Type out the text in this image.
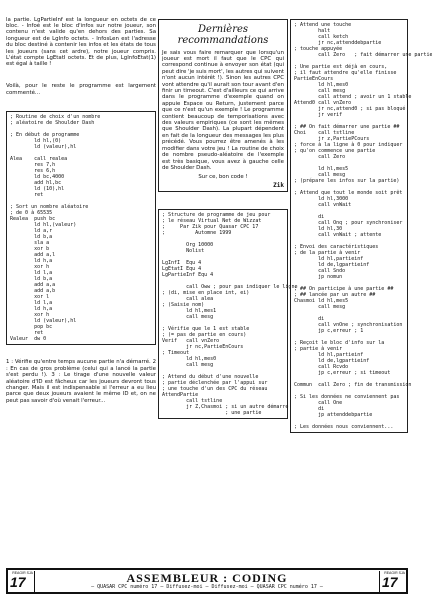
la partie. LgPartieInf est la longueur en octets de ce bloc. - Infoé est le bloc d'infos sur notre joueur, son contenu n'est valide qu'en dehors des parties. Sa longueur est de LgInfo octets. - InfosLen est l'adresse du bloc destiné à contenir les infos et les états de tous les joueurs (sans cet ardre), notre joueur compris. L'état compte LgEtatI octets. Et de plus, LgInfoEtat(1) est égal à taille !

Voilà, pour le reste le programme est largement commenté...

; Routine de choix d'un nombre
; aléatoire de Shoulder Dash

; En début de programme
ld hl,(0)
ld (valeur),hl

Alea    call realea
res 7,h
res 6,h
ld bc,4000
add hl,bc
ld (10),hl
ret

; Sort un nombre aléatoire
; de 0 à 65535
Realea  push bc
ld hl,(valeur)
ld a,r
ld b,a
sla a
xor b
add a,l
ld h,a
xor h
ld l,a
ld b,a
add a,a
add a,b
xor l
ld l,a
ld h,a
xor h
ld (valeur),hl
pop bc
ret
Valeur  dw 0

1 : Vérifie qu'entre temps aucune partie n'a démarré. 2 : En cas de gros problème (celui qui a lancé la partie s'est perdu !). 3 : Le tirage d'une nouvelle valeur aléatoire d'ID est fâcheux car les joueurs devront tous changer. Mais il est indispensable si l'erreur a eu lieu parce que deux joueurs avaient le même ID et, on ne peut pas savoir d'où venait l'erreur...

Dernières recommandations
Je sais vous faire remarquer que lorsqu'un joueur est mort il faut que le CPC qui correspond continue à envoyer son état (qui peut dire 'je suis mort', les autres qui suivent n'ont aucun intérêt !). Sinon les autres CPC vont attendre qu'il aurait son tour avant d'en finir un timeout. C'est d'ailleurs ce qui arrive dans le programme d'exemple quand on appuie Espace ou Return, justement parce que ce n'est qu'un exemple ! Le programme contient beaucoup de temporisations avec des valeurs empiriques (ce sont les mêmes que Shoulder Dash). La plupart dépendent en fait de la longueur des messages les plus précédé. Vous pourrez être amenés à les modifier dans votre jeu ! La routine de choix de nombre pseudo-aléatoire de l'exemple est très basique, vous avez à gauche celle de Shoulder Dash.
Sur ce, bon code !
Zik

; Structure de programme de jeu pour
; le réseau Virtual Net de Wizzat
;     Par Zik pour Quasar CPC 17
;          Automne 1999

Org 10000
Nolist

LgInfI  Equ 4
LgEtatI Equ 4
LgPartieInf Equ 4

call Oww ; pour pas indiquer le ligne
; (di, mise en place int, ei)
call alea
; (Saisie nom)
ld hl,mes1
call mesg

; Vérifie que le 1 est stable
; (= pas de partie en cours)
Verif   call vnZero
jr nc,PartieEnCours
; Timeout
ld hl,mes0
call mesg

; Attend du début d'une nouvelle
; partie déclenchée par l'appui sur
; une touche d'un des CPC du réseau
AttendPartie
call tstline
jr Z,Chasmoi ; si un autre démarre
; une partie

; Attend une touche
halt
call ketch
jr nc,attenddebpartie
; touche appuyée
call Zero   ; fait démarrer une partie

; Une partie est déjà en cours,
; il faut attendre qu'elle finisse
PartieEnCours
ld hl,mes0
call mesg
call attend ; avoir un 1 stable
Attend0 call vnZero
jr nc,attend0 ; si pas bloqué
jr verif

; ## On fait démarrer une partie ##
Choi    call tstline
jr z,PartiePCours
; force à la ligne à 0 pour indiquer
; qu'on commence une partie
call Zero

ld hl,mes5
call mesg
; (prépare les infos sur la partie)

; Attend que tout le monde soit prêt
ld hl,3000
call vnWait

di
call Onq ; pour synchroniser
ld hl,30
call vnWait ; attente

; Envoi des caractéristiques
; de la partie à venir
ld hl,partieinf
ld de,lgpartieinf
call Sndo
jp nomun

; ## On participe à une partie ##
; ## lancée par un autre ##
Chasmoi ld hl,mes5
call mesg

di
call vnOne ; synchronisation
jp c,erreur ; 1

; Reçoit le bloc d'info sur la
; partie à venir
ld hl,partieinf
ld de,lgpartieinf
call Rcvdo
jp c,erreur ; si timeout

Commun  call Zero ; fin de transmission

; Si les données ne conviennent pas
call One
di
jp attenddebpartie

; Les données nous conviennent...

17
REAGIR SJA	ASSEMBLEUR : CODING
— QUASAR CPC numéro 17 — Diffusez-moi — Diffusez-moi — QUASAR CPC numéro 17 —	17
REAGIR SJA
